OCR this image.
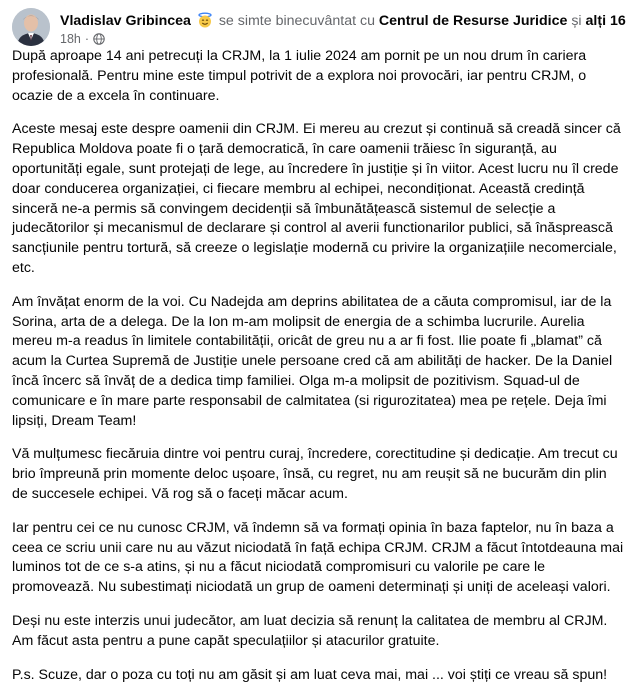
Vladislav Gribincea se simte binecuvântat cu Centrul de Resurse Juridice și alți 16
18h ·

După aproape 14 ani petrecuți la CRJM, la 1 iulie 2024 am pornit pe un nou drum în cariera profesională. Pentru mine este timpul potrivit de a explora noi provocări, iar pentru CRJM, o ocazie de a excela în continuare.

Aceste mesaj este despre oamenii din CRJM. Ei mereu au crezut și continuă să creadă sincer că Republica Moldova poate fi o țară democratică, în care oamenii trăiesc în siguranță, au oportunități egale, sunt protejați de lege, au încredere în justiție și în viitor. Acest lucru nu îl crede doar conducerea organizației, ci fiecare membru al echipei, necondiționat. Această credință sinceră ne-a permis să convingem decidenții să îmbunătățească sistemul de selecție a judecătorilor și mecanismul de declarare și control al averii functionarilor publici, să înăsprească sancțiunile pentru tortură, să creeze o legislație modernă cu privire la organizațiile necomerciale, etc.

Am învățat enorm de la voi. Cu Nadejda am deprins abilitatea de a căuta compromisul, iar de la Sorina, arta de a delega. De la Ion m-am molipsit de energia de a schimba lucrurile. Aurelia mereu m-a readus în limitele contabilității, oricât de greu nu a ar fi fost. Ilie poate fi „blamat” că acum la Curtea Supremă de Justiție unele persoane cred că am abilități de hacker. De la Daniel încă încerc să învăț de a dedica timp familiei. Olga m-a molipsit de pozitivism. Squad-ul de comunicare e în mare parte responsabil de calmitatea (si rigurozitatea) mea pe rețele. Deja îmi lipsiți, Dream Team!

Vă mulțumesc fiecăruia dintre voi pentru curaj, încredere, corectitudine și dedicație. Am trecut cu brio împreună prin momente deloc ușoare, însă, cu regret, nu am reușit să ne bucurăm din plin de succesele echipei. Vă rog să o faceți măcar acum.

Iar pentru cei ce nu cunosc CRJM, vă îndemn să va formați opinia în baza faptelor, nu în baza a ceea ce scriu unii care nu au văzut niciodată în față echipa CRJM. CRJM a făcut întotdeauna mai luminos tot de ce s-a atins, și nu a făcut niciodată compromisuri cu valorile pe care le promovează. Nu subestimați niciodată un grup de oameni determinați și uniți de aceleași valori.

Deși nu este interzis unui judecător, am luat decizia să renunț la calitatea de membru al CRJM. Am făcut asta pentru a pune capăt speculațiilor și atacurilor gratuite.

P.s. Scuze, dar o poza cu toți nu am găsit și am luat ceva mai, mai ... voi știți ce vreau să spun!
